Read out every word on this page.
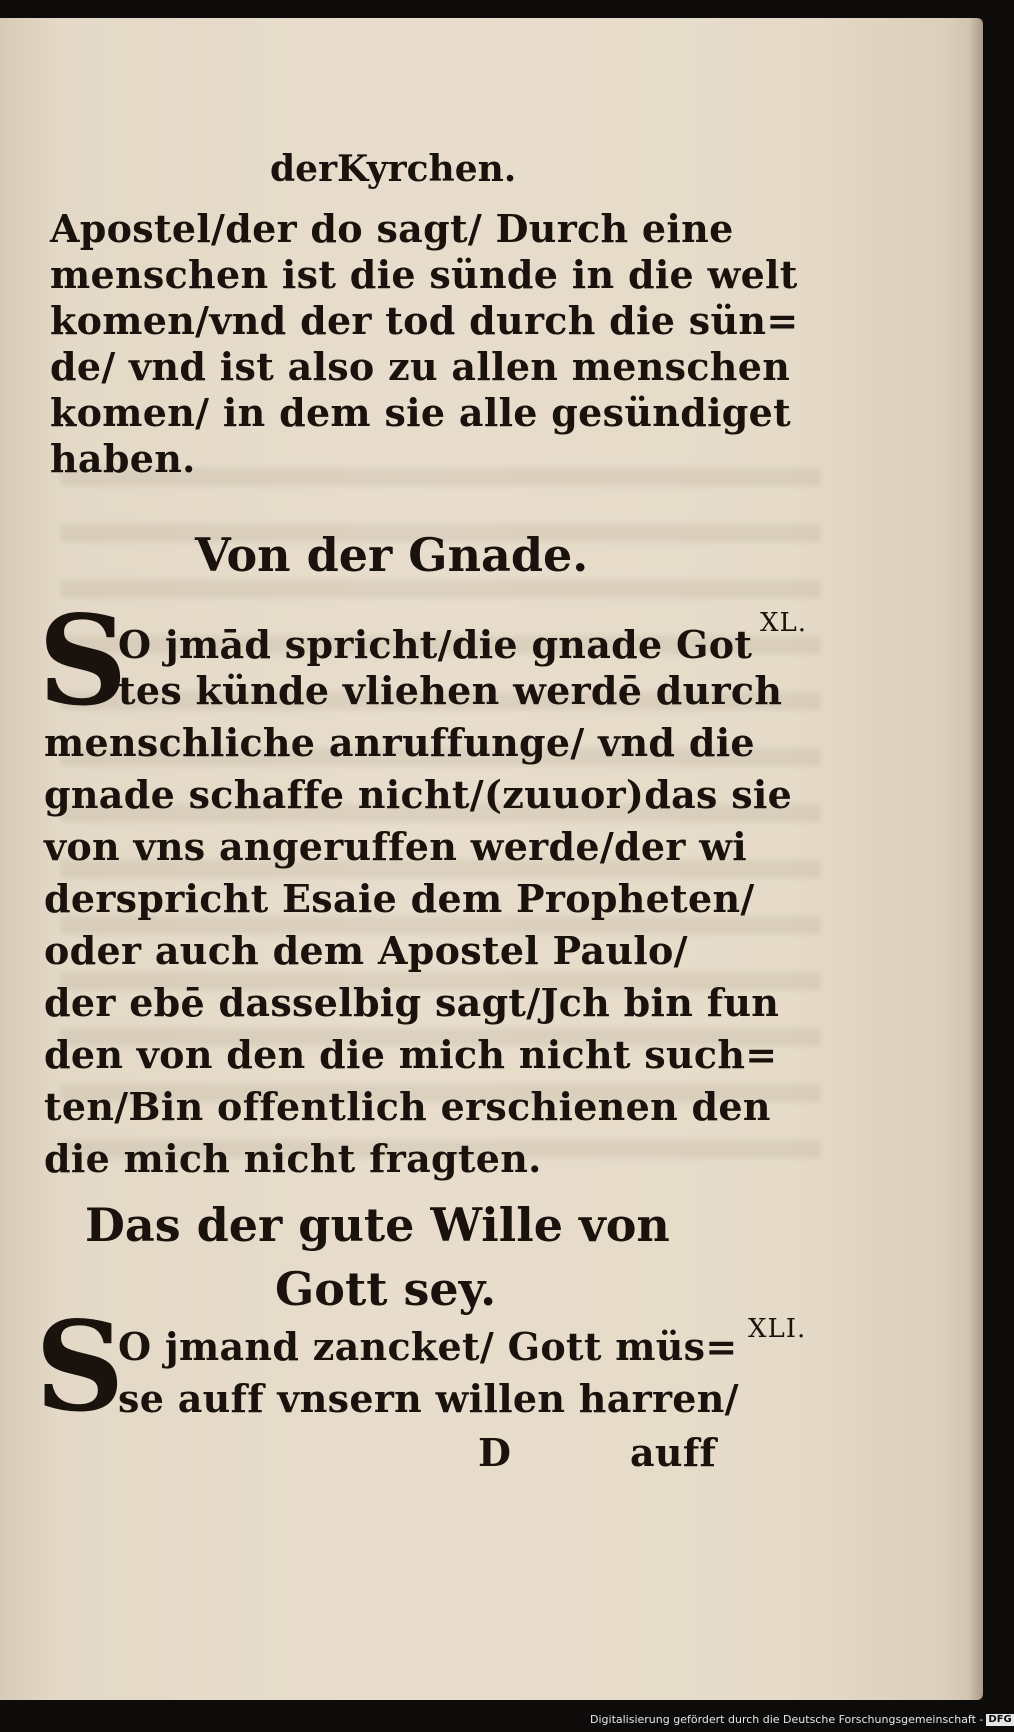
derKyrchen.
Apostel/der do sagt/ Durch eine
menschen ist die sünde in die welt
komen/vnd der tod durch die sün=
de/ vnd ist also zu allen menschen
komen/ in dem sie alle gesündiget
haben.
Von der Gnade.
XL.
S
O jmād spricht/die gnade Got
tes künde vliehen werdē durch
menschliche anruffunge/ vnd die
gnade schaffe nicht/(zuuor)das sie
von vns angeruffen werde/der wi
derspricht Esaie dem Propheten/
oder auch dem Apostel Paulo/
der ebē dasselbig sagt/Jch bin fun
den von den die mich nicht such=
ten/Bin offentlich erschienen den
die mich nicht fragten.
Das der gute Wille von
Gott sey.
XLI.
S
O jmand zancket/ Gott müs=
se auff vnsern willen harren/
D	auff
Digitalisierung gefördert durch die Deutsche Forschungsgemeinschaft - DFG
